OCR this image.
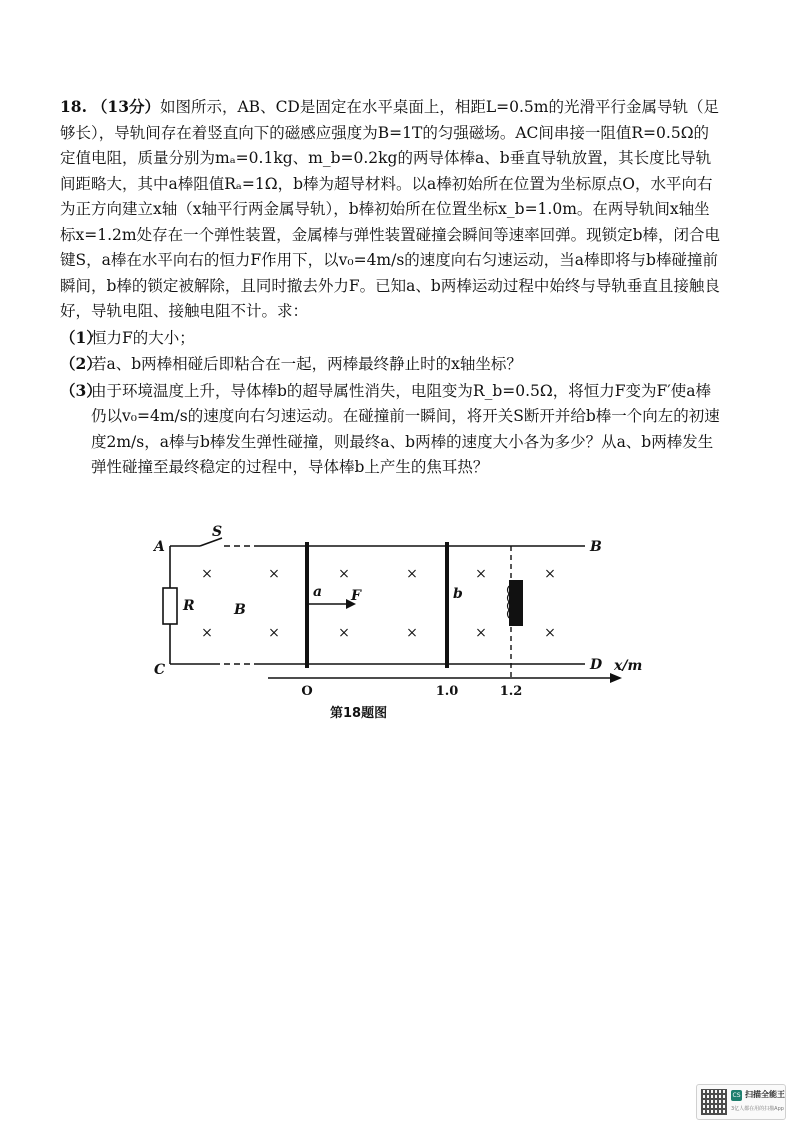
18. （13分）如图所示，AB、CD是固定在水平桌面上，相距L=0.5m的光滑平行金属导轨（足够长），导轨间存在着竖直向下的磁感应强度为B=1T的匀强磁场。AC间串接一阻值R=0.5Ω的定值电阻，质量分别为mₐ=0.1kg、m_b=0.2kg的两导体棒a、b垂直导轨放置，其长度比导轨间距略大，其中a棒阻值Rₐ=1Ω，b棒为超导材料。以a棒初始所在位置为坐标原点O，水平向右为正方向建立x轴（x轴平行两金属导轨），b棒初始所在位置坐标x_b=1.0m。在两导轨间x轴坐标x=1.2m处存在一个弹性装置，金属棒与弹性装置碰撞会瞬间等速率回弹。现锁定b棒，闭合电键S，a棒在水平向右的恒力F作用下，以v₀=4m/s的速度向右匀速运动，当a棒即将与b棒碰撞前瞬间，b棒的锁定被解除，且同时撤去外力F。已知a、b两棒运动过程中始终与导轨垂直且接触良好，导轨电阻、接触电阻不计。求：

（1）恒力F的大小；

（2）若a、b两棒相碰后即粘合在一起，两棒最终静止时的x轴坐标？

（3）由于环境温度上升，导体棒b的超导属性消失，电阻变为R_b=0.5Ω，将恒力F变为F′使a棒仍以v₀=4m/s的速度向右匀速运动。在碰撞前一瞬间，将开关S断开并给b棒一个向左的初速度2m/s，a棒与b棒发生弹性碰撞，则最终a、b两棒的速度大小各为多少？从a、b两棒发生弹性碰撞至最终稳定的过程中，导体棒b上产生的焦耳热？

×	×	×	×	×	×
×	×	×	×	×	×
A	B
C	D
S
R	B
a F	b
x/m
O	1.0	1.2
第18题图
CS 扫描全能王
3亿人都在用的扫描App
